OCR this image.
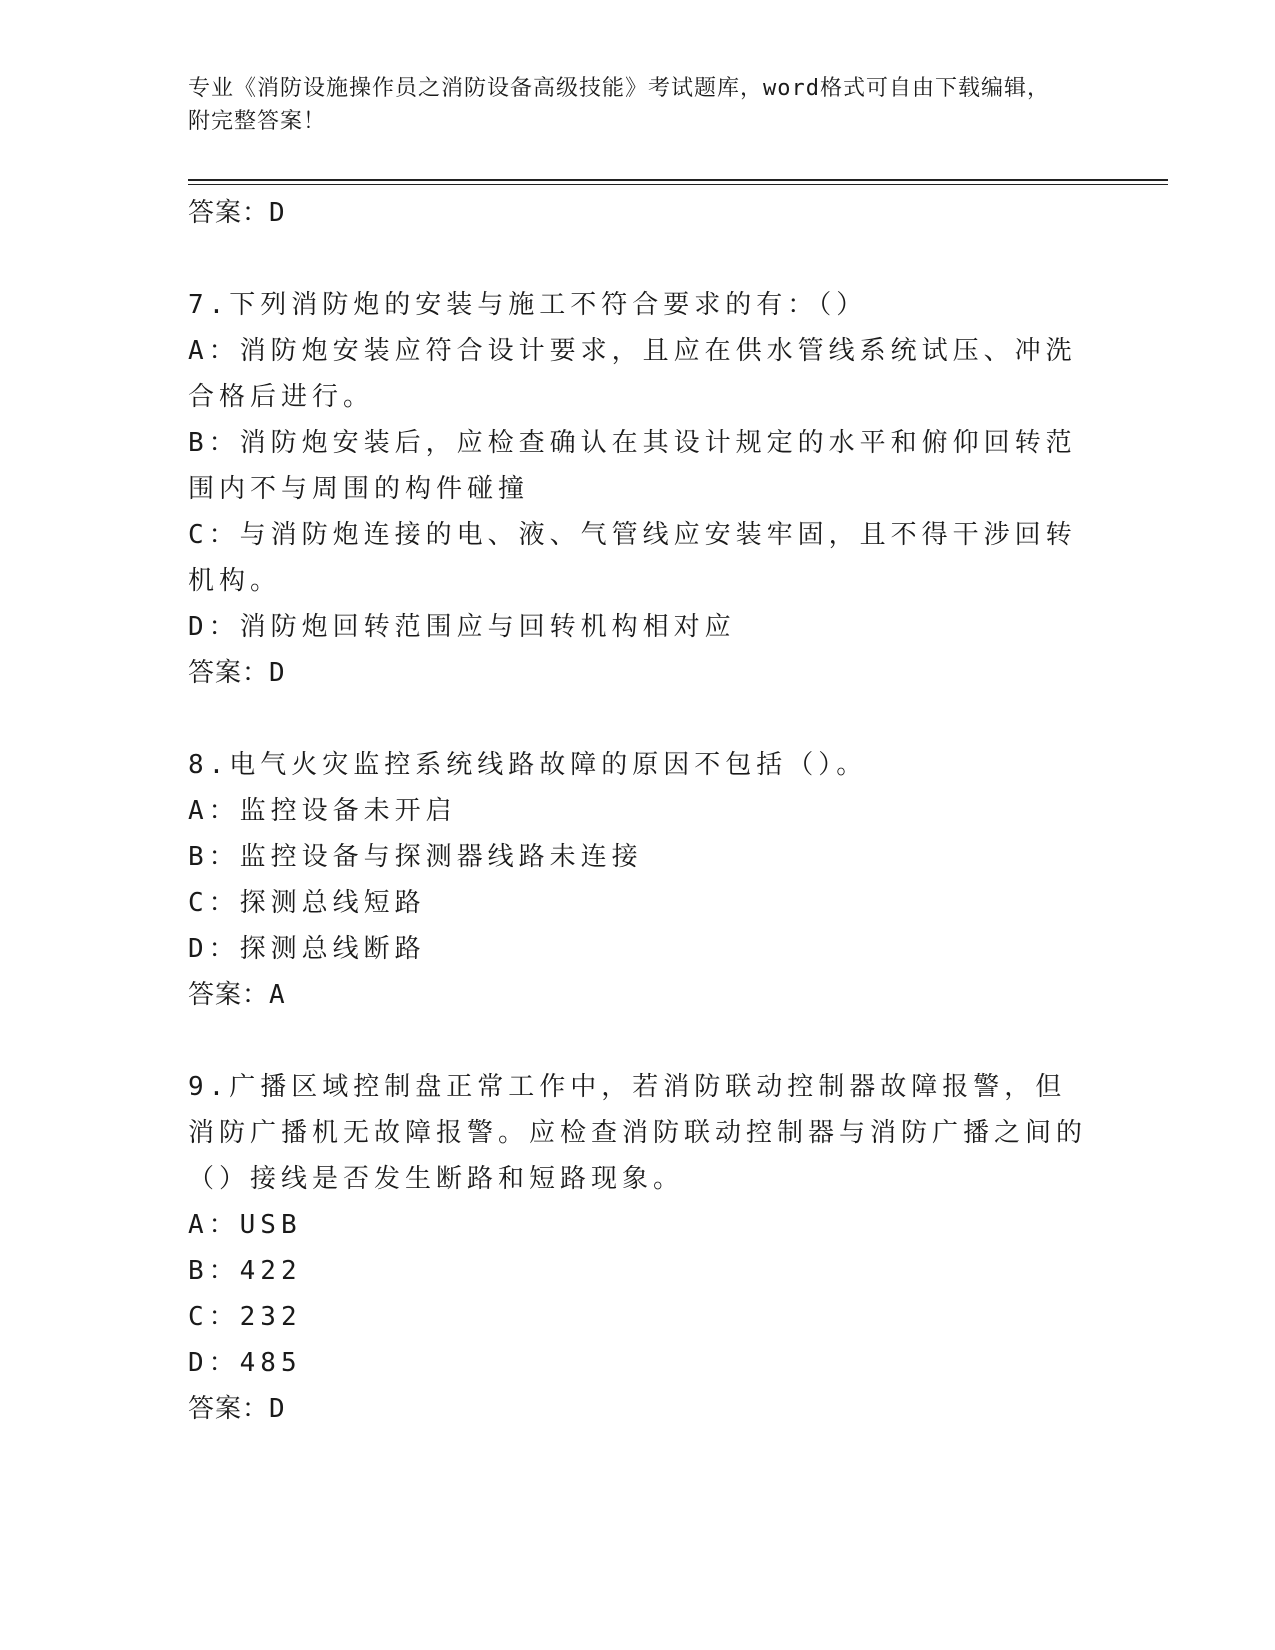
专业《消防设施操作员之消防设备高级技能》考试题库，word格式可自由下载编辑，附完整答案！
答案：D
7.下列消防炮的安装与施工不符合要求的有：（）
A：消防炮安装应符合设计要求，且应在供水管线系统试压、冲洗合格后进行。
B：消防炮安装后，应检查确认在其设计规定的水平和俯仰回转范围内不与周围的构件碰撞
C：与消防炮连接的电、液、气管线应安装牢固，且不得干涉回转机构。
D：消防炮回转范围应与回转机构相对应
答案：D
8.电气火灾监控系统线路故障的原因不包括（）。
A：监控设备未开启
B：监控设备与探测器线路未连接
C：探测总线短路
D：探测总线断路
答案：A
9.广播区域控制盘正常工作中，若消防联动控制器故障报警，但消防广播机无故障报警。应检查消防联动控制器与消防广播之间的（）接线是否发生断路和短路现象。
A：USB
B：422
C：232
D：485
答案：D
